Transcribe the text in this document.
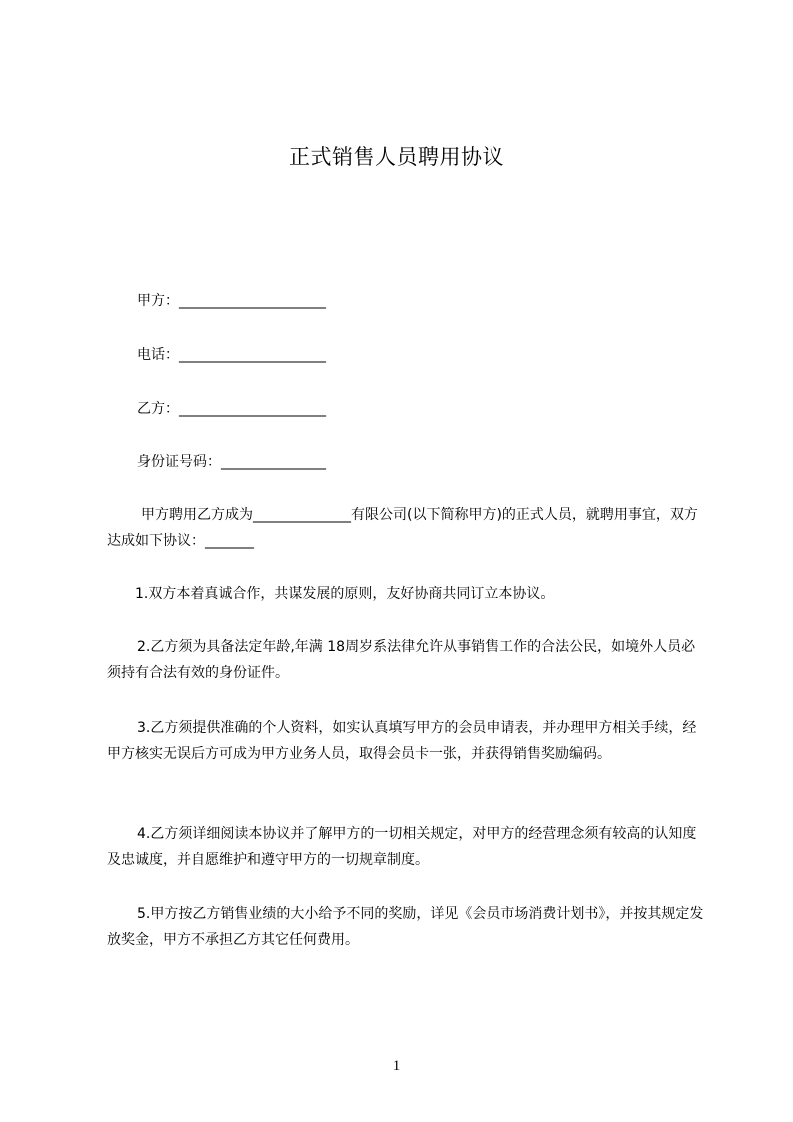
正式销售人员聘用协议
甲方：_____________________
电话：_____________________
乙方：_____________________
身份证号码：_______________

甲方聘用乙方成为______________有限公司(以下简称甲方)的正式人员，就聘用事宜，双方达成如下协议：_______

1.双方本着真诚合作，共谋发展的原则，友好协商共同订立本协议。

2.乙方须为具备法定年龄,年满 18周岁系法律允许从事销售工作的合法公民，如境外人员必须持有合法有效的身份证件。

3.乙方须提供准确的个人资料，如实认真填写甲方的会员申请表，并办理甲方相关手续，经甲方核实无误后方可成为甲方业务人员，取得会员卡一张，并获得销售奖励编码。

4.乙方须详细阅读本协议并了解甲方的一切相关规定，对甲方的经营理念须有较高的认知度及忠诚度，并自愿维护和遵守甲方的一切规章制度。

5.甲方按乙方销售业绩的大小给予不同的奖励，详见《会员市场消费计划书》，并按其规定发放奖金，甲方不承担乙方其它任何费用。

1
